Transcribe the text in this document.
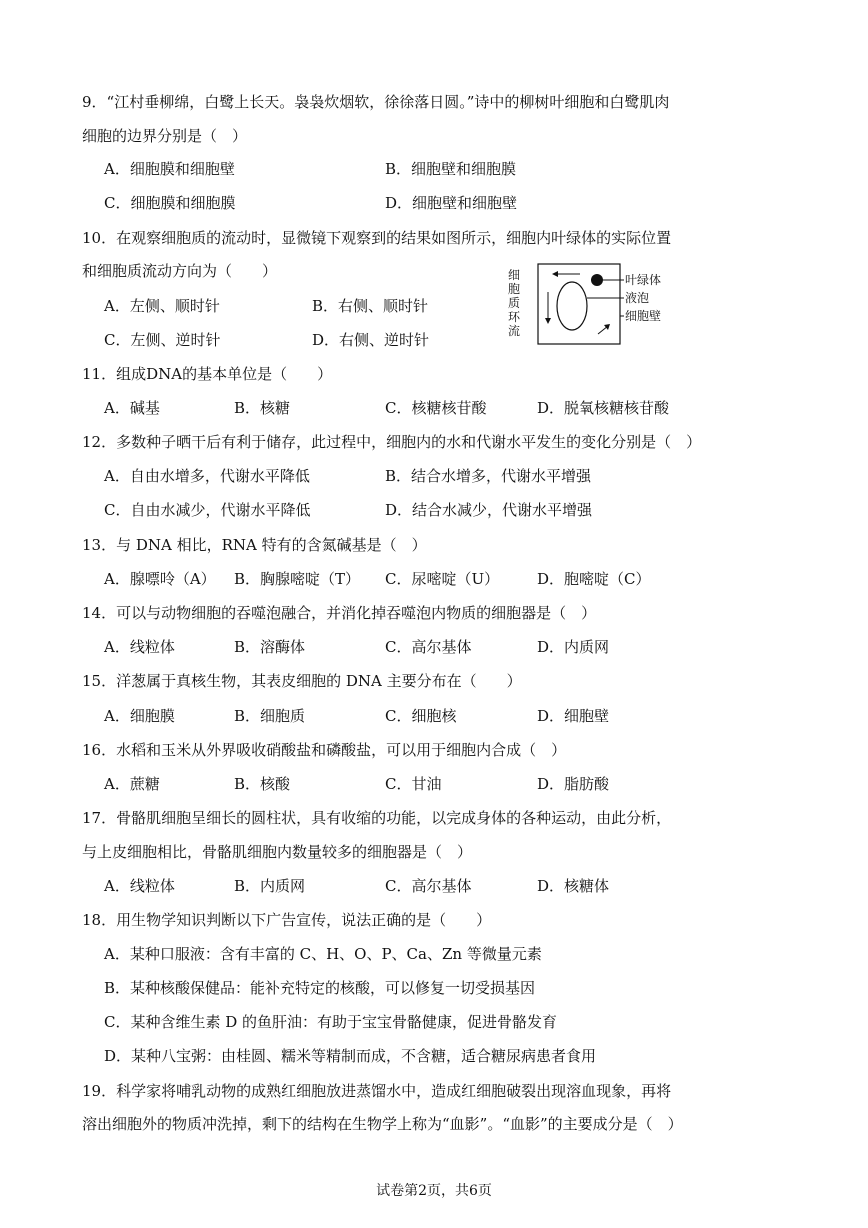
9．“江村垂柳绵，白鹭上长天。袅袅炊烟软，徐徐落日圆。”诗中的柳树叶细胞和白鹭肌肉
细胞的边界分别是（　）
A．细胞膜和细胞壁	B．细胞壁和细胞膜
C．细胞膜和细胞膜	D．细胞壁和细胞壁
10．在观察细胞质的流动时，显微镜下观察到的结果如图所示，细胞内叶绿体的实际位置
和细胞质流动方向为（　　）
A．左侧、顺时针	B．右侧、顺时针
C．左侧、逆时针	D．右侧、逆时针
细
胞
质
环
流
叶绿体
液泡
细胞壁
11．组成DNA的基本单位是（　　）
A．碱基	B．核糖	C．核糖核苷酸	D．脱氧核糖核苷酸
12．多数种子晒干后有利于储存，此过程中，细胞内的水和代谢水平发生的变化分别是（　）
A．自由水增多，代谢水平降低	B．结合水增多，代谢水平增强
C．自由水减少，代谢水平降低	D．结合水减少，代谢水平增强
13．与 DNA 相比，RNA 特有的含氮碱基是（　）
A．腺嘌呤（A） B．胸腺嘧啶（T） C．尿嘧啶（U）	D．胞嘧啶（C）
14．可以与动物细胞的吞噬泡融合，并消化掉吞噬泡内物质的细胞器是（　）
A．线粒体	B．溶酶体	C．高尔基体	D．内质网
15．洋葱属于真核生物，其表皮细胞的 DNA 主要分布在（　　）
A．细胞膜	B．细胞质	C．细胞核	D．细胞壁
16．水稻和玉米从外界吸收硝酸盐和磷酸盐，可以用于细胞内合成（　）
A．蔗糖	B．核酸	C．甘油	D．脂肪酸
17．骨骼肌细胞呈细长的圆柱状，具有收缩的功能，以完成身体的各种运动，由此分析，
与上皮细胞相比，骨骼肌细胞内数量较多的细胞器是（　）
A．线粒体	B．内质网	C．高尔基体	D．核糖体
18．用生物学知识判断以下广告宣传，说法正确的是（　　）
A．某种口服液：含有丰富的 C、H、O、P、Ca、Zn 等微量元素
B．某种核酸保健品：能补充特定的核酸，可以修复一切受损基因
C．某种含维生素 D 的鱼肝油：有助于宝宝骨骼健康，促进骨骼发育
D．某种八宝粥：由桂圆、糯米等精制而成，不含糖，适合糖尿病患者食用
19．科学家将哺乳动物的成熟红细胞放进蒸馏水中，造成红细胞破裂出现溶血现象，再将
溶出细胞外的物质冲洗掉，剩下的结构在生物学上称为“血影”。“血影”的主要成分是（　）
试卷第2页，共6页
